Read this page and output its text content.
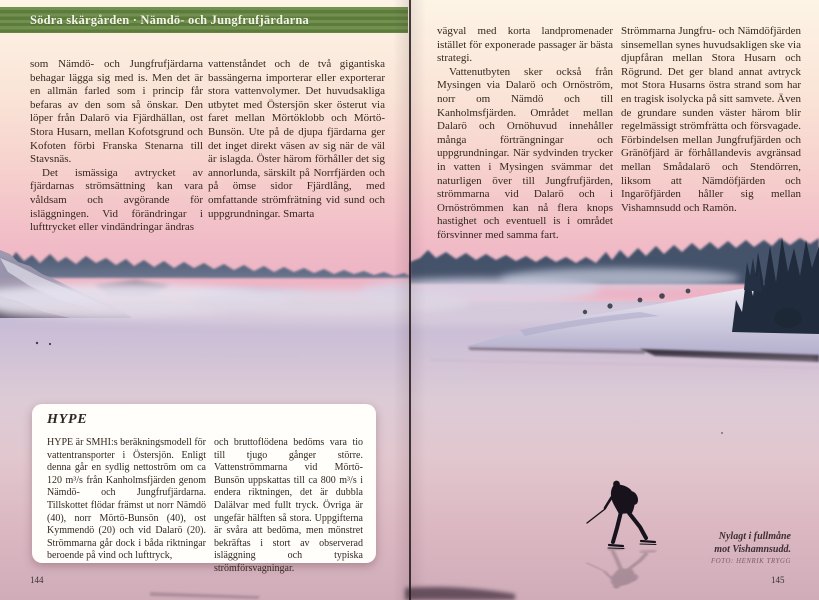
Södra skärgården · Nämdö- och Jungfrufjärdarna

som Nämdö- och Jungfrufjärdarna behagar lägga sig med is. Men det är en allmän farled som i princip får befaras av den som så önskar. Den löper från Dalarö via Fjärdhällan, ost Stora Husarn, mellan Kofotsgrund och Kofoten förbi Franska Stenarna till Stavsnäs.

Det ismässiga avtrycket av fjärdarnas strömsättning kan vara våldsam och avgörande för isläggningen. Vid förändringar i lufttrycket eller vindändringar ändras

vattenståndet och de två gigantiska bassängerna importerar eller exporterar stora vattenvolymer. Det huvudsakliga utbytet med Östersjön sker österut via faret mellan Mörtöklobb och Mörtö-Bunsön. Ute på de djupa fjärdarna ger det inget direkt väsen av sig när de väl är islagda. Öster härom förhåller det sig annorlunda, särskilt på Norrfjärden och på ömse sidor Fjärdlång, med omfattande strömfrätning vid sund och uppgrundningar. Smarta

vägval med korta landpromenader istället för exponerade passager är bästa strategi.

Vattenutbyten sker också från Mysingen via Dalarö och Ornöström, norr om Nämdö och till Kanholmsfjärden. Området mellan Dalarö och Ornöhuvud innehåller många förträngningar och uppgrundningar. När sydvinden trycker in vatten i Mysingen svämmar det naturligen över till Jungfrufjärden, strömmarna vid Dalarö och i Ornöströmmen kan nå flera knops hastighet och eventuell is i området försvinner med samma fart.

Strömmarna Jungfru- och Nämdöfjärden sinsemellan synes huvudsakligen ske via djupfåran mellan Stora Husarn och Rögrund. Det ger bland annat avtryck mot Stora Husarns östra strand som har en tragisk isolycka på sitt samvete. Även de grundare sunden väster härom blir regelmässigt strömfrätta och försvagade. Förbindelsen mellan Jungfrufjärden och Gränöfjärd är förhållandevis avgränsad mellan Smådalarö och Stendörren, liksom att Nämdöfjärden och Ingaröfjärden håller sig mellan Vishamnsudd och Ramön.

HYPE
HYPE är SMHI:s beräkningsmodell för vattentransporter i Östersjön. Enligt denna går en sydlig nettoström om ca 120 m³/s från Kanholmsfjärden genom Nämdö- och Jungfrufjärdarna. Tillskottet flödar främst ut norr Nämdö (40), norr Mörtö-Bunsön (40), ost Kymmendö (20) och vid Dalarö (20). Strömmarna går dock i båda riktningar beroende på vind och lufttryck,
och bruttoflödena bedöms vara tio till tjugo gånger större. Vattenströmmarna vid Mörtö-Bunsön uppskattas till ca 800 m³/s i endera riktningen, det är dubbla Dalälvar med fullt tryck. Övriga är ungefär hälften så stora. Uppgifterna är svåra att bedöma, men mönstret bekräftas i stort av observerad isläggning och typiska strömförsvagningar.
Nylagt i fullmåne
mot Vishamnsudd.
FOTO: HENRIK TRYGG
144	145
